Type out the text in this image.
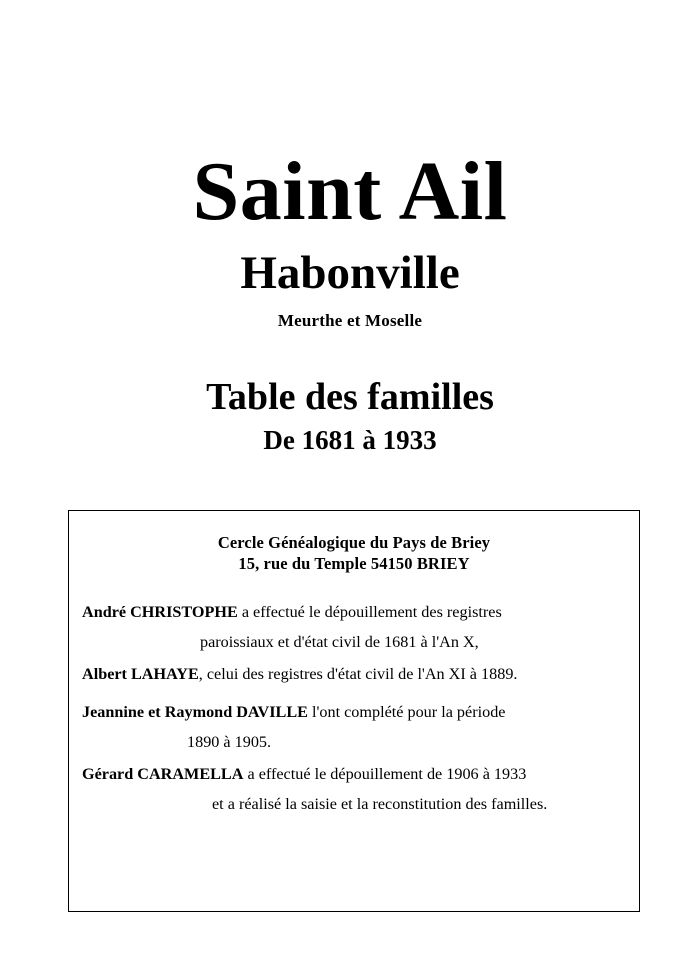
Saint Ail
Habonville

Meurthe et Moselle

Table des familles

De 1681 à 1933

Cercle Généalogique du Pays de Briey

15, rue du Temple 54150 BRIEY

André CHRISTOPHE a effectué le dépouillement des registres

paroissiaux et d'état civil de 1681 à l'An X,

Albert LAHAYE, celui des registres d'état civil de l'An XI à 1889.

Jeannine et Raymond DAVILLE l'ont complété pour la période

1890 à 1905.

Gérard CARAMELLA a effectué le dépouillement de 1906 à 1933

et a réalisé la saisie et la reconstitution des familles.
